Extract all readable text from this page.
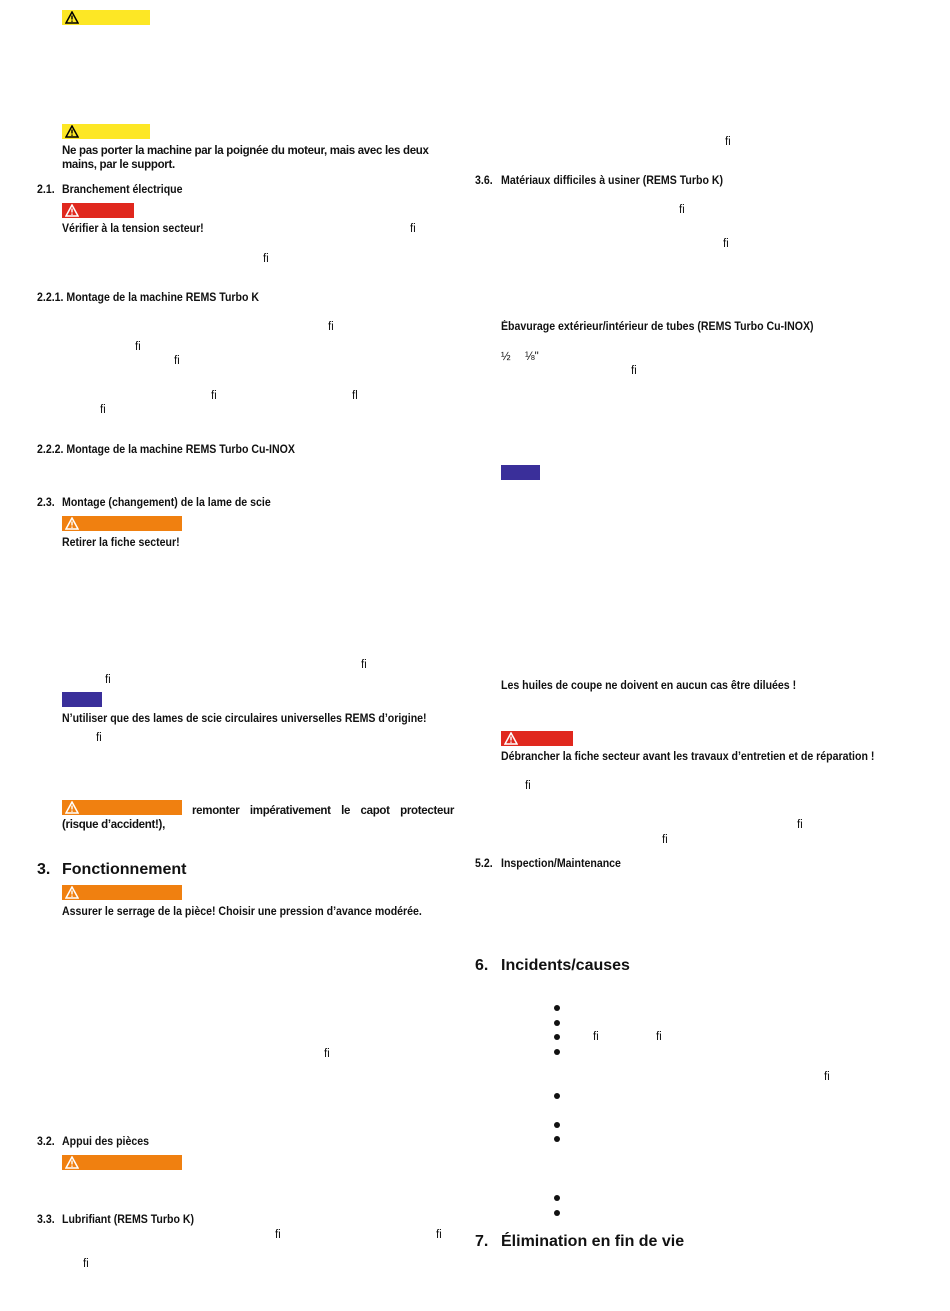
Ne pas porter la machine par la poignée du moteur, mais avec les deux mains, par le support.
2.1. Branchement électrique
Vérifier à la tension secteur!	ﬁ
ﬁ
2.2.1. Montage de la machine REMS Turbo K
ﬁ
ﬁ
ﬁ
ﬁ	ﬂ
ﬁ
2.2.2. Montage de la machine REMS Turbo Cu-INOX
2.3. Montage (changement) de la lame de scie
Retirer la fiche secteur!
ﬁ
ﬁ
N’utiliser que des lames de scie circulaires universelles REMS d’origine!
ﬁ
remonter impérativement le capot protecteur (risque d’accident!),
3. Fonctionnement
Assurer le serrage de la pièce! Choisir une pression d’avance modérée.
ﬁ
3.2. Appui des pièces
3.3. Lubrifiant (REMS Turbo K)
ﬁ	ﬁ
ﬁ
ﬁ
3.6. Matériaux difficiles à usiner (REMS Turbo K)
ﬁ
ﬁ
Ébavurage extérieur/intérieur de tubes (REMS Turbo Cu-INOX)
½ ⅛"
ﬁ
Les huiles de coupe ne doivent en aucun cas être diluées !
Débrancher la fiche secteur avant les travaux d’entretien et de réparation !
ﬁ
ﬁ
ﬁ
5.2. Inspection/Maintenance
6. Incidents/causes
ﬁ	ﬁ
ﬁ
7. Élimination en fin de vie
